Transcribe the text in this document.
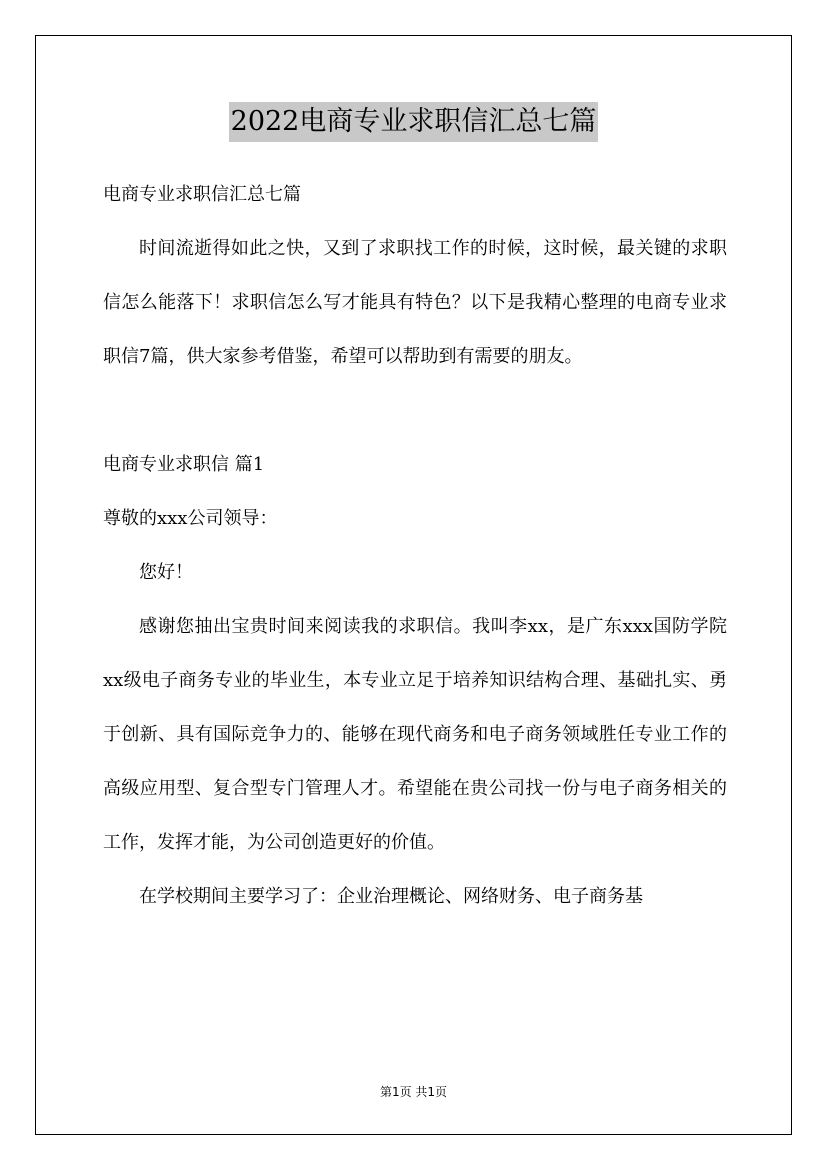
2022电商专业求职信汇总七篇

电商专业求职信汇总七篇

时间流逝得如此之快，又到了求职找工作的时候，这时候，最关键的求职信怎么能落下！求职信怎么写才能具有特色？以下是我精心整理的电商专业求职信7篇，供大家参考借鉴，希望可以帮助到有需要的朋友。

电商专业求职信 篇1

尊敬的xxx公司领导：

您好！

感谢您抽出宝贵时间来阅读我的求职信。我叫李xx，是广东xxx国防学院xx级电子商务专业的毕业生，本专业立足于培养知识结构合理、基础扎实、勇于创新、具有国际竞争力的、能够在现代商务和电子商务领域胜任专业工作的高级应用型、复合型专门管理人才。希望能在贵公司找一份与电子商务相关的工作，发挥才能，为公司创造更好的价值。

在学校期间主要学习了：企业治理概论、网络财务、电子商务基

第1页 共1页
